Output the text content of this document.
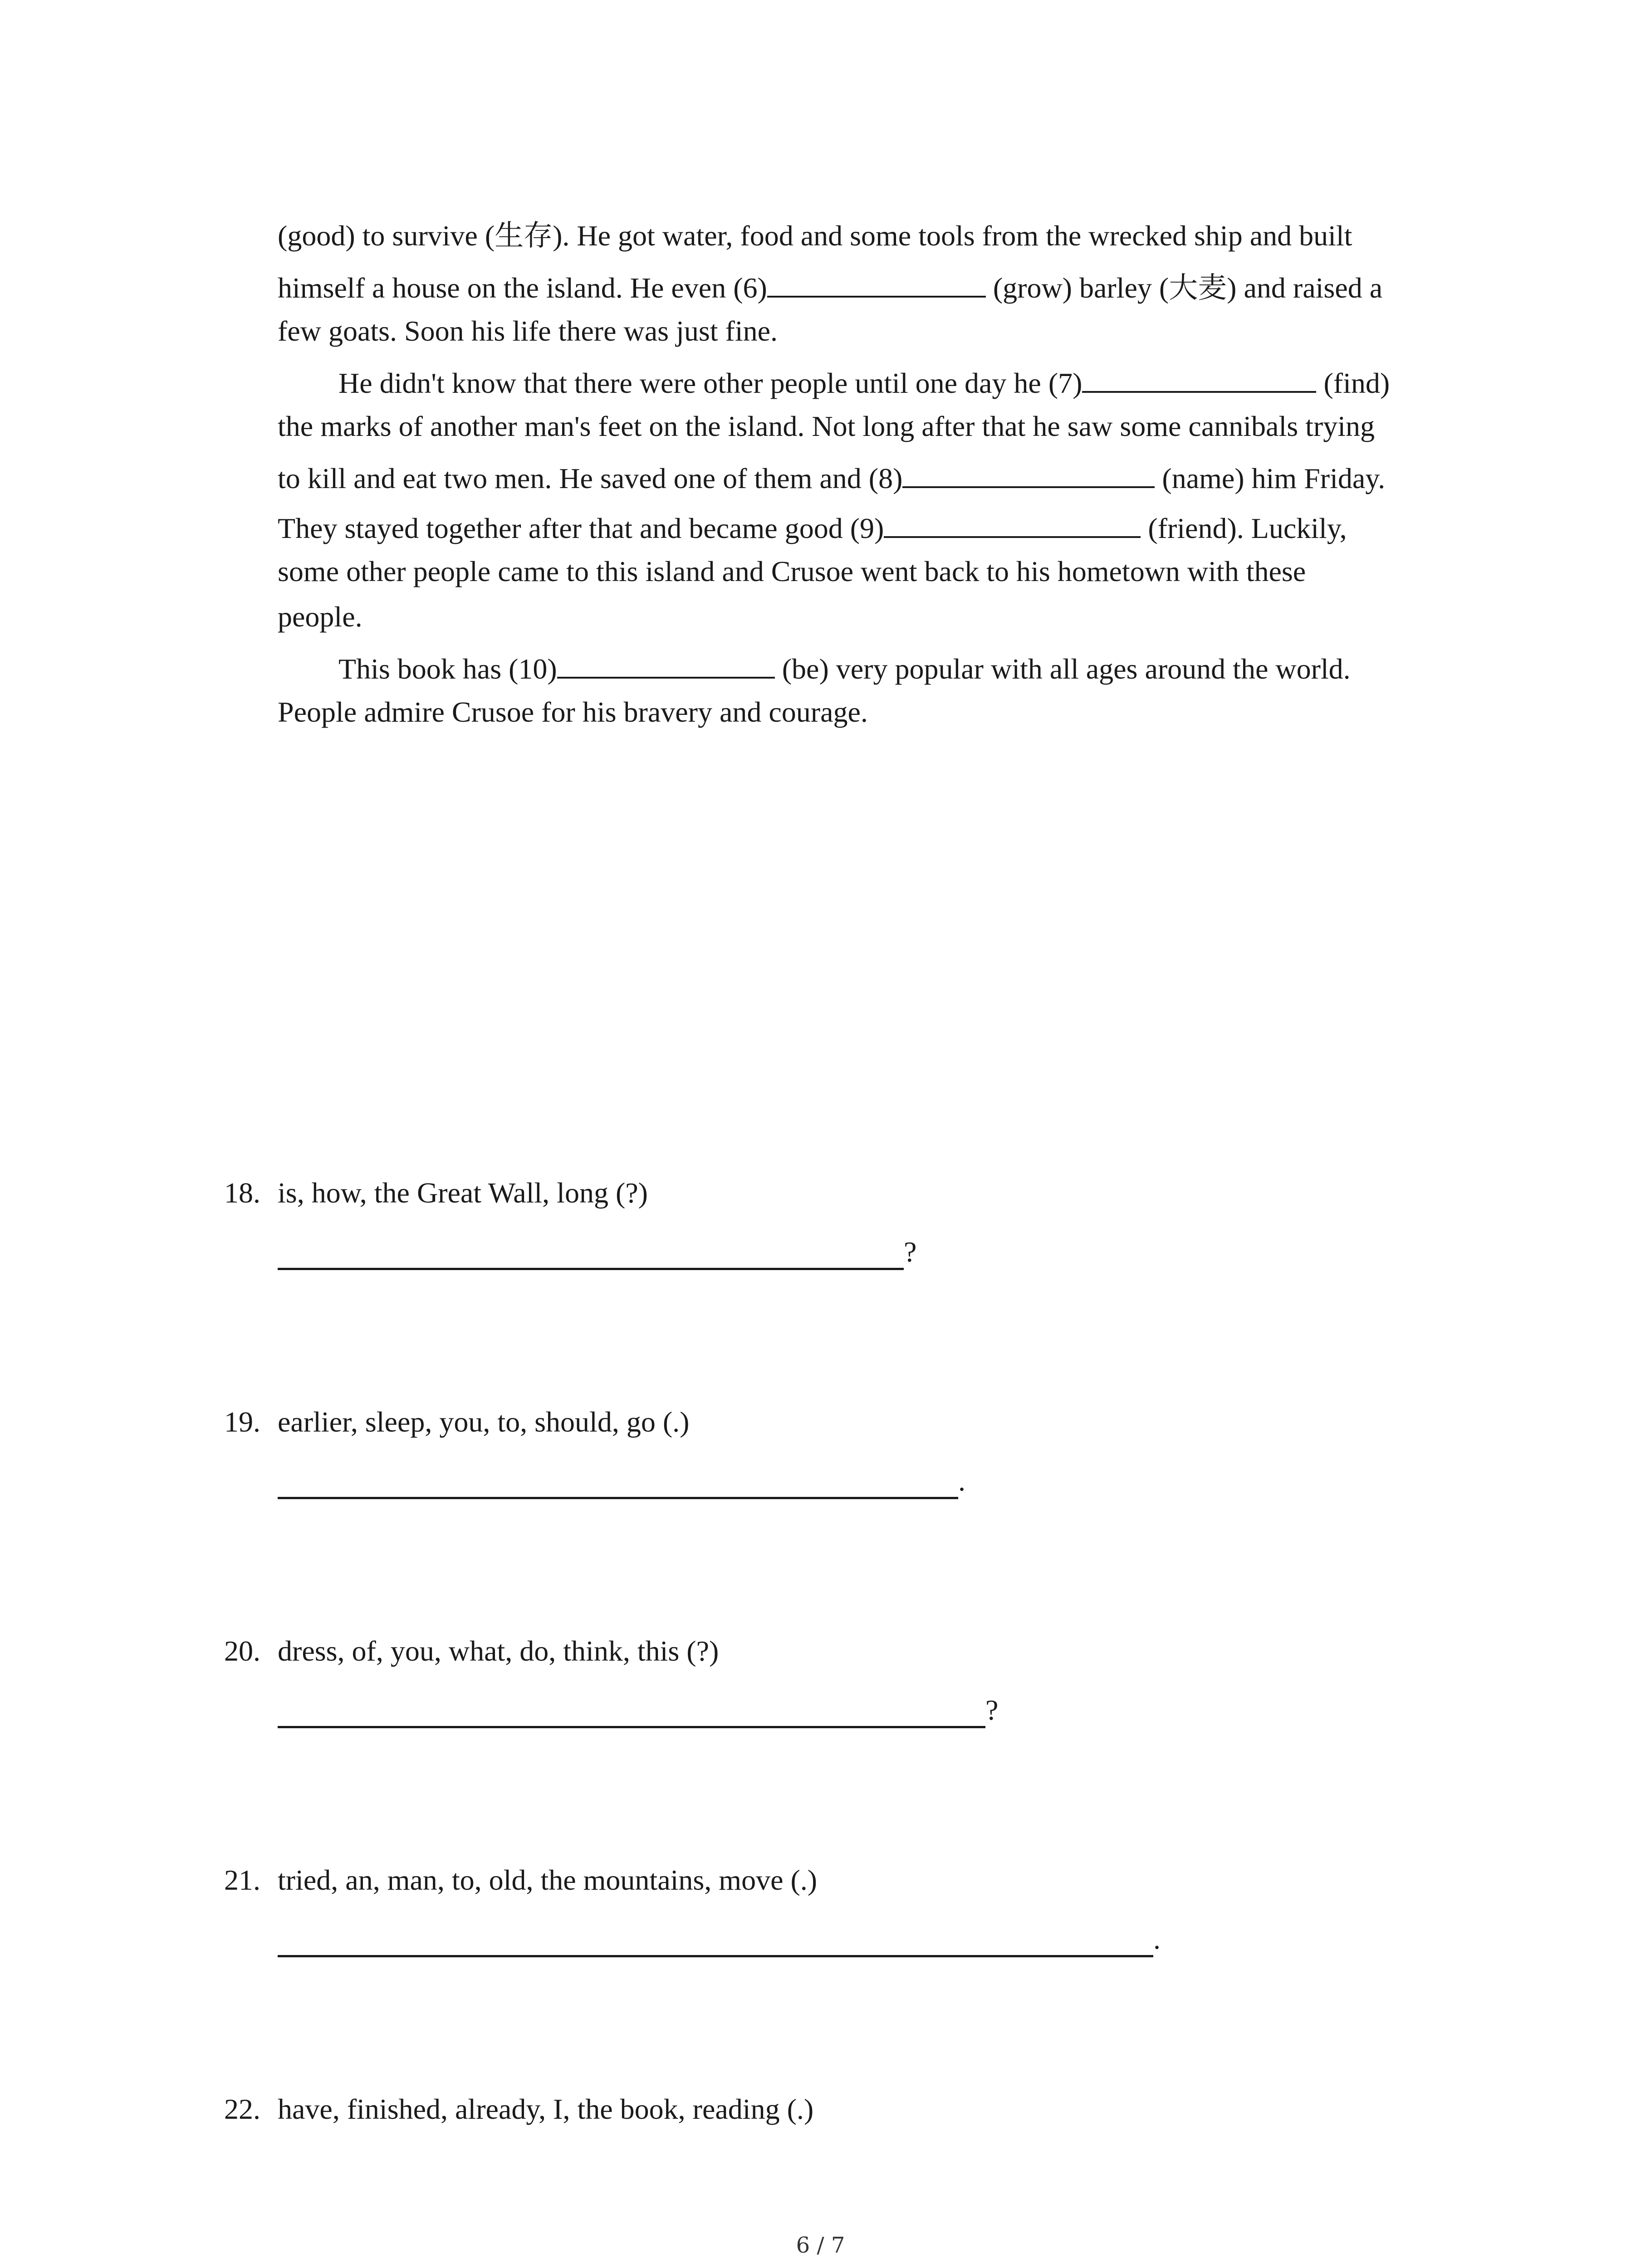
(good) to survive (生存). He got water, food and some tools from the wrecked ship and built
himself a house on the island. He even (6)	(grow) barley (大麦) and raised a
few goats. Soon his life there was just fine.
He didn't know that there were other people until one day he (7)	(find)
the marks of another man's feet on the island. Not long after that he saw some cannibals trying
to kill and eat two men. He saved one of them and (8)	(name) him Friday.
They stayed together after that and became good (9)	(friend). Luckily,
some other people came to this island and Crusoe went back to his hometown with these
people.
This book has (10)	(be) very popular with all ages around the world.
People admire Crusoe for his bravery and courage.
18. is, how, the Great Wall, long (?)
?
19. earlier, sleep, you, to, should, go (.)
.
20. dress, of, you, what, do, think, this (?)
?
21. tried, an, man, to, old, the mountains, move (.)
.
22. have, finished, already, I, the book, reading (.)
6 / 7
